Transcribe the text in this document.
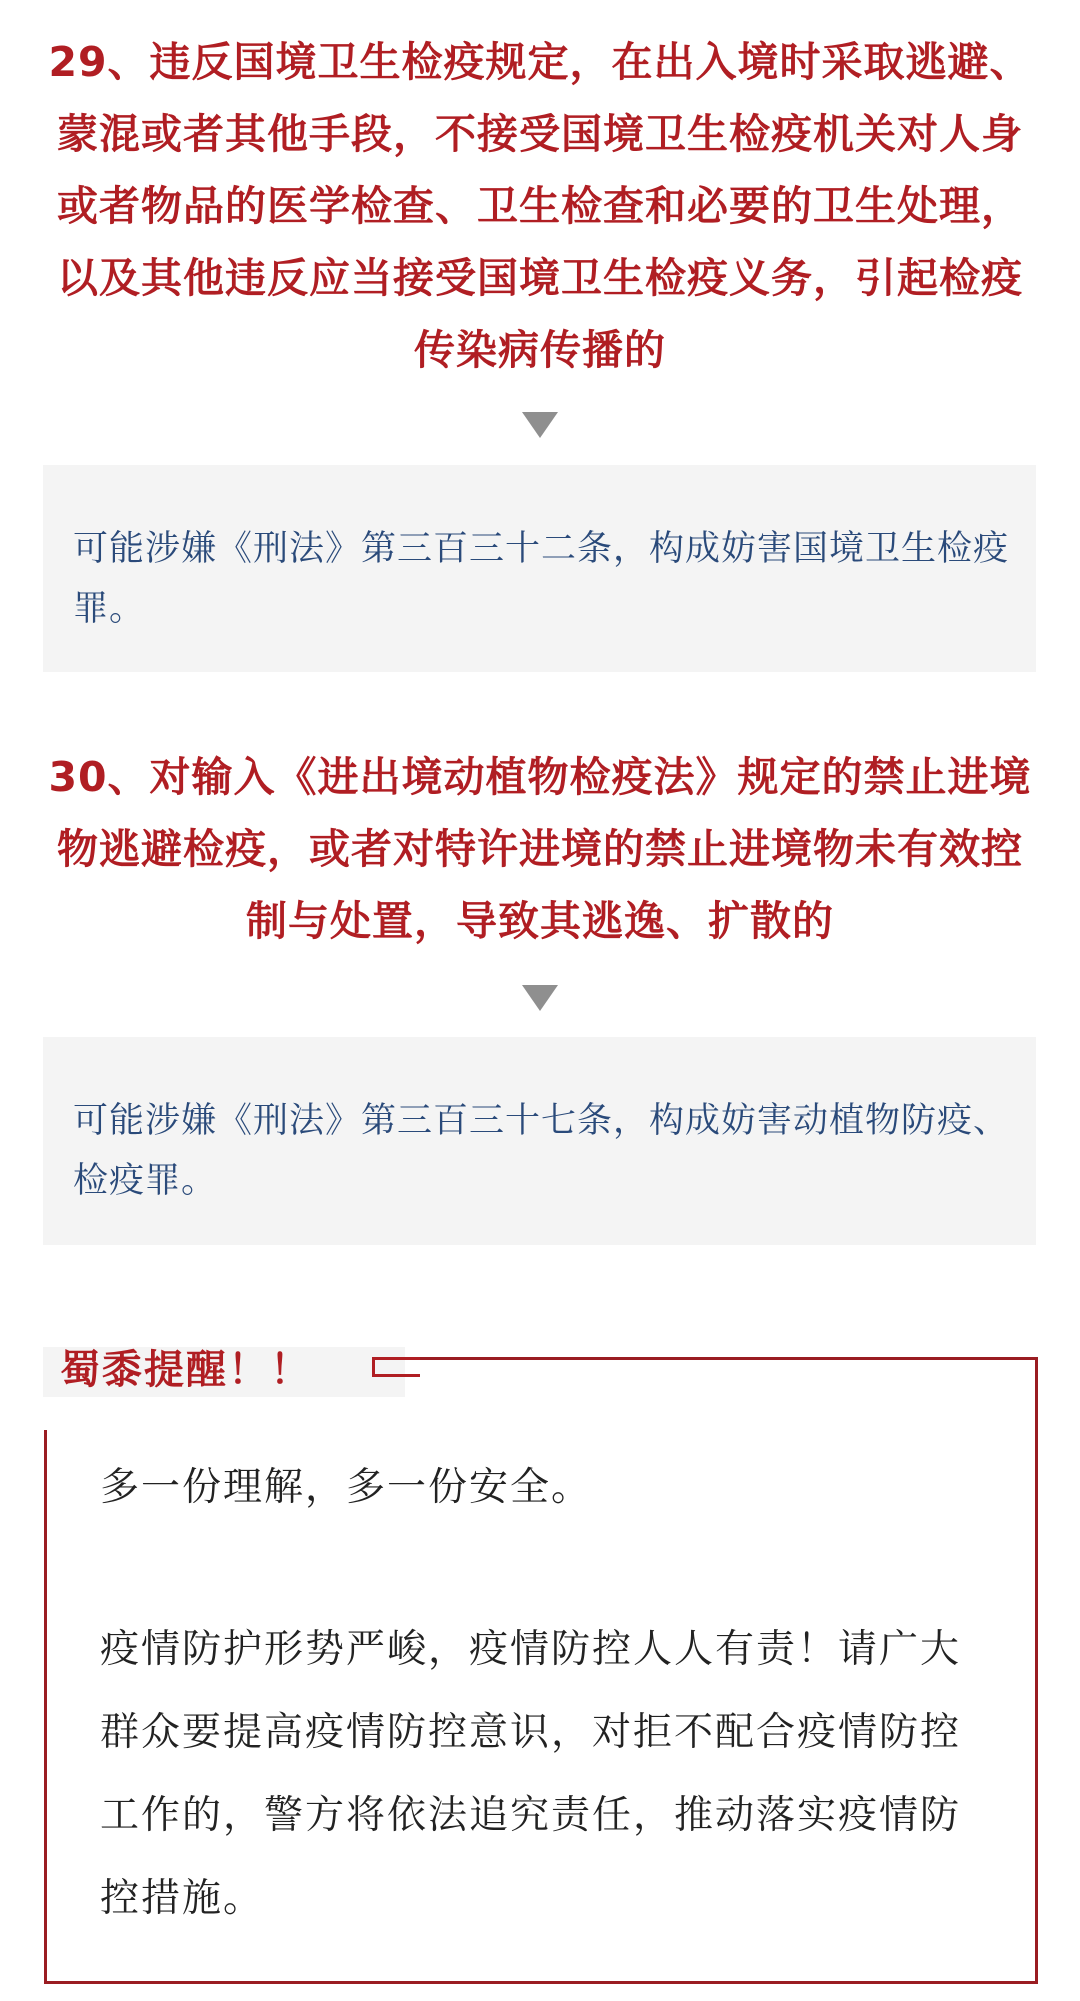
29、违反国境卫生检疫规定，在出入境时采取逃避、蒙混或者其他手段，不接受国境卫生检疫机关对人身或者物品的医学检查、卫生检查和必要的卫生处理，以及其他违反应当接受国境卫生检疫义务，引起检疫传染病传播的

可能涉嫌《刑法》第三百三十二条，构成妨害国境卫生检疫罪。

30、对输入《进出境动植物检疫法》规定的禁止进境物逃避检疫，或者对特许进境的禁止进境物未有效控制与处置，导致其逃逸、扩散的

可能涉嫌《刑法》第三百三十七条，构成妨害动植物防疫、检疫罪。

蜀黍提醒！！

多一份理解，多一份安全。

疫情防护形势严峻，疫情防控人人有责！请广大群众要提高疫情防控意识，对拒不配合疫情防控工作的，警方将依法追究责任，推动落实疫情防控措施。
